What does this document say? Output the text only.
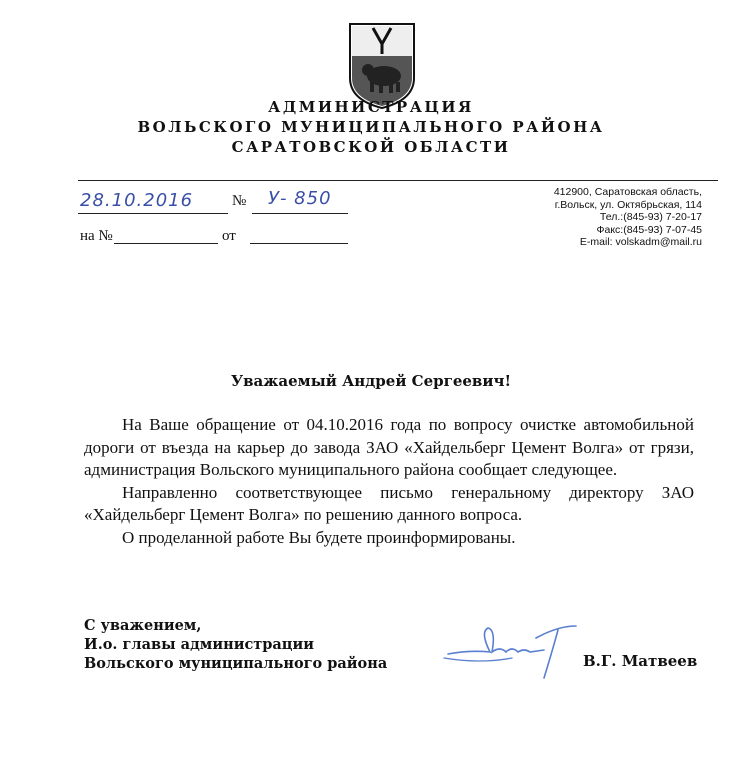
АДМИНИСТРАЦИЯ
ВОЛЬСКОГО МУНИЦИПАЛЬНОГО РАЙОНА
САРАТОВСКОЙ ОБЛАСТИ
28.10.2016	№ У- 850
на №	от
412900, Саратовская область,
г.Вольск, ул. Октябрьская, 114
Тел.:(845-93) 7-20-17
Факс:(845-93) 7-07-45
E-mail: volskadm@mail.ru
Уважаемый Андрей Сергеевич!

На Ваше обращение от 04.10.2016 года по вопросу очистке автомобильной дороги от въезда на карьер до завода ЗАО «Хайдельберг Цемент Волга» от грязи, администрация Вольского муниципального района сообщает следующее.

Направленно соответствующее письмо генеральному директору ЗАО «Хайдельберг Цемент Волга» по решению данного вопроса.

О проделанной работе Вы будете проинформированы.

С уважением,
И.о. главы администрации
Вольского муниципального района	В.Г. Матвеев
